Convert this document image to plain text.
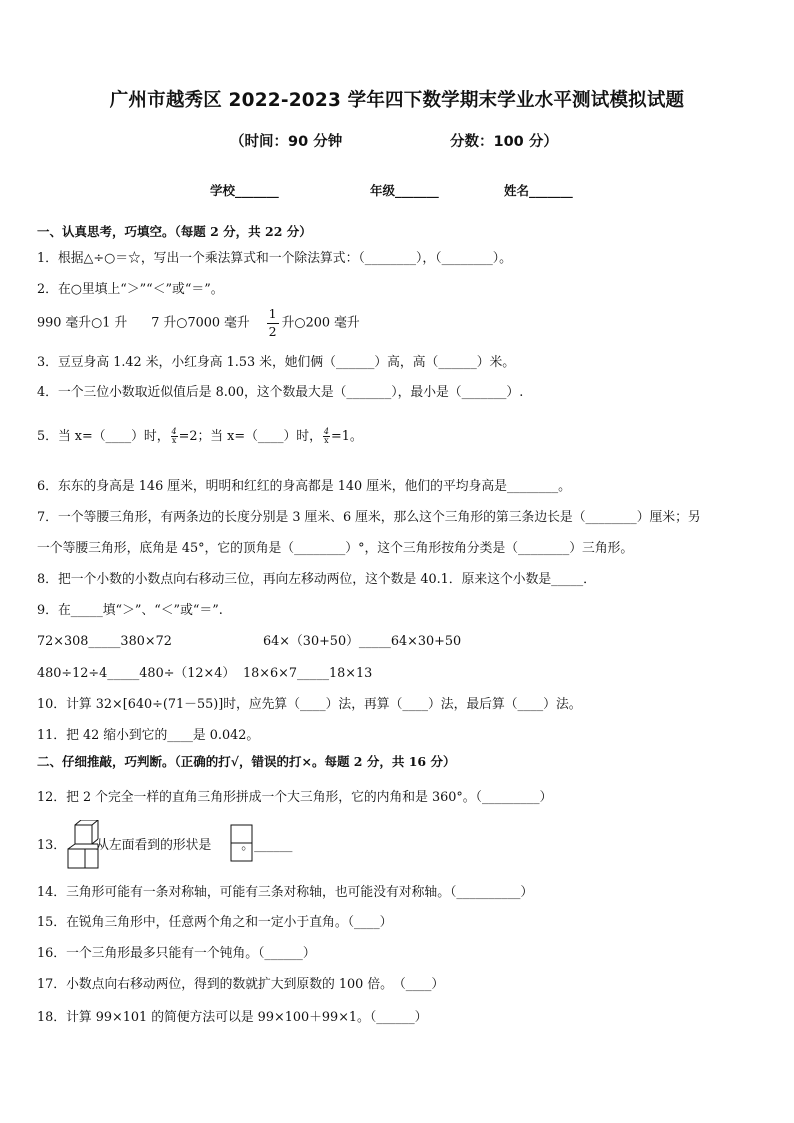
广州市越秀区 2022-2023 学年四下数学期末学业水平测试模拟试题
（时间：90 分钟	分数：100 分）
学校_______	年级_______	姓名_______
一、认真思考，巧填空。（每题 2 分，共 22 分）
1．根据△÷○＝☆，写出一个乘法算式和一个除法算式：（________），（________）。
2．在○里填上“＞”“＜”或“＝”。
990 毫升○1 升 7 升○7000 毫升 $\frac{1}{2}$ 升○200 毫升
3．豆豆身高 1.42 米，小红身高 1.53 米，她们俩（______）高，高（______）米。
4．一个三位小数取近似值后是 8.00，这个数最大是（_______），最小是（_______）.
5．当 x=（____）时， $\frac{4}{x} =2$；当 x=（____）时， $\frac{4}{x} =1$。
6．东东的身高是 146 厘米，明明和红红的身高都是 140 厘米，他们的平均身高是________。
7．一个等腰三角形，有两条边的长度分别是 3 厘米、6 厘米，那么这个三角形的第三条边长是（________）厘米；另
一个等腰三角形，底角是 45°，它的顶角是（________）°，这个三角形按角分类是（________）三角形。
8．把一个小数的小数点向右移动三位，再向左移动两位，这个数是 40.1．原来这个小数是_____．
9．在_____填“＞”、“＜”或“＝”.
72×308_____380×72	64×（30+50）_____64×30+50
480÷12÷4_____480÷（12×4） 18×6×7_____18×13
10．计算 32×[640÷(71－55)]时，应先算（____）法，再算（____）法，最后算（____）法。
11．把 42 缩小到它的____是 0.042。
二、仔细推敲，巧判断。（正确的打√，错误的打×。每题 2 分，共 16 分）
12．把 2 个完全一样的直角三角形拼成一个大三角形，它的内角和是 360°。（_________）
13． 从左面看到的形状是 。______
14．三角形可能有一条对称轴，可能有三条对称轴，也可能没有对称轴。（__________）
15．在锐角三角形中，任意两个角之和一定小于直角。（____）
16．一个三角形最多只能有一个钝角。（______）
17．小数点向右移动两位，得到的数就扩大到原数的 100 倍。　（____）
18．计算 99×101 的简便方法可以是 99×100＋99×1。（______）
